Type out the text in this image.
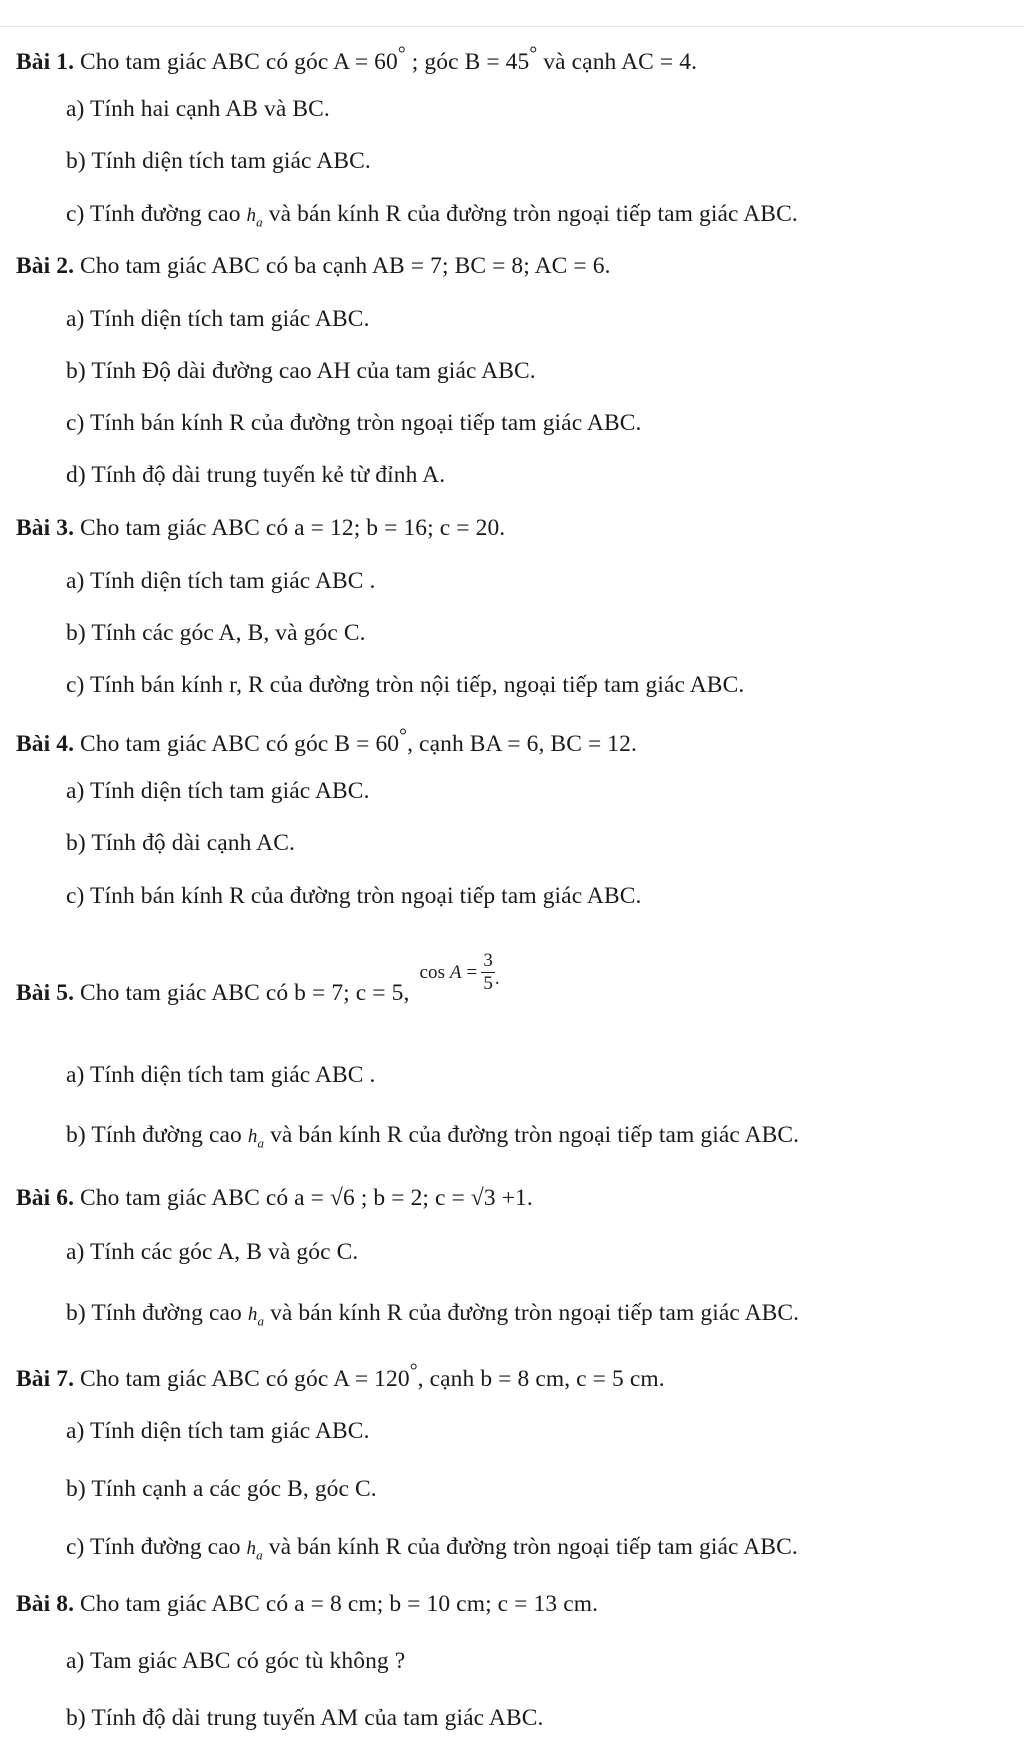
Bài 1. Cho tam giác ABC có góc A = 60° ; góc B = 45° và cạnh AC = 4.
a) Tính hai cạnh AB và BC.
b) Tính diện tích tam giác ABC.
c) Tính đường cao $h_a$ và bán kính R của đường tròn ngoại tiếp tam giác ABC.
Bài 2. Cho tam giác ABC có ba cạnh AB = 7; BC = 8; AC = 6.
a) Tính diện tích tam giác ABC.
b) Tính Độ dài đường cao AH của tam giác ABC.
c) Tính bán kính R của đường tròn ngoại tiếp tam giác ABC.
d) Tính độ dài trung tuyến kẻ từ đỉnh A.
Bài 3. Cho tam giác ABC có a = 12; b = 16; c = 20.
a) Tính diện tích tam giác ABC .
b) Tính các góc A, B, và góc C.
c) Tính bán kính r, R của đường tròn nội tiếp, ngoại tiếp tam giác ABC.
Bài 4. Cho tam giác ABC có góc B = 60°, cạnh BA = 6, BC = 12.
a) Tính diện tích tam giác ABC.
b) Tính độ dài cạnh AC.
c) Tính bán kính R của đường tròn ngoại tiếp tam giác ABC.
Bài 5. Cho tam giác ABC có b = 7; c = 5,cos $A = \frac{3}{5} _.$
a) Tính diện tích tam giác ABC .
b) Tính đường cao $h_a$ và bán kính R của đường tròn ngoại tiếp tam giác ABC.
Bài 6. Cho tam giác ABC có a = √6 ; b = 2; c = √3 +1.
a) Tính các góc A, B và góc C.
b) Tính đường cao $h_a$ và bán kính R của đường tròn ngoại tiếp tam giác ABC.
Bài 7. Cho tam giác ABC có góc A = 120°, cạnh b = 8 cm, c = 5 cm.
a) Tính diện tích tam giác ABC.
b) Tính cạnh a các góc B, góc C.
c) Tính đường cao $h_a$ và bán kính R của đường tròn ngoại tiếp tam giác ABC.
Bài 8. Cho tam giác ABC có a = 8 cm; b = 10 cm; c = 13 cm.
a) Tam giác ABC có góc tù không ?
b) Tính độ dài trung tuyến AM của tam giác ABC.
